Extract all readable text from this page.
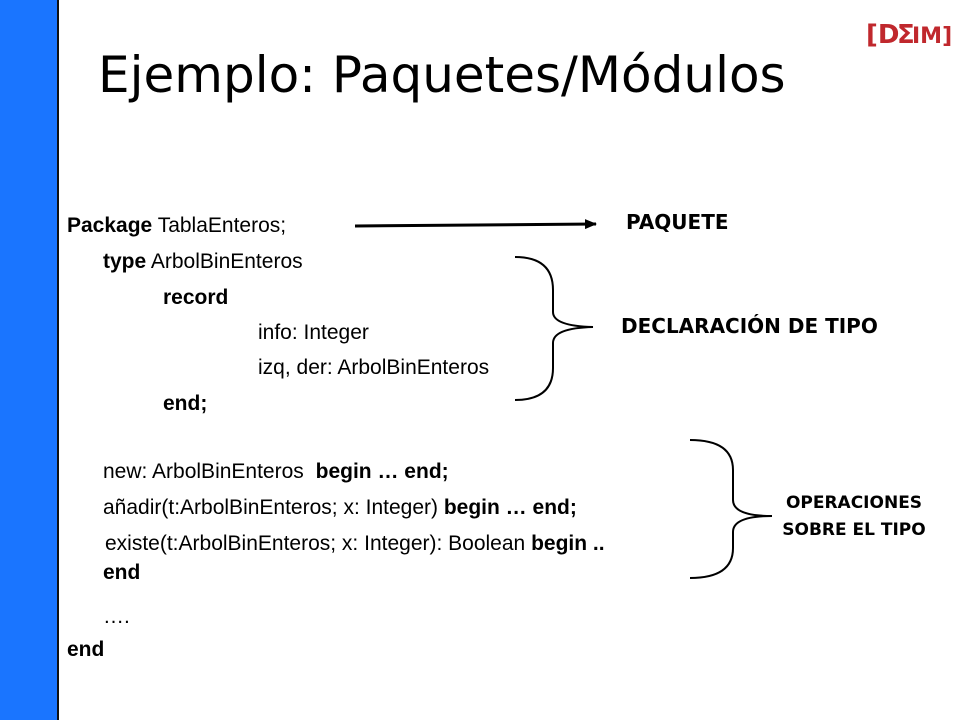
[D
Σ
IM]
Ejemplo: Paquetes/Módulos
Package TablaEnteros;
type ArbolBinEnteros
record
info: Integer
izq, der: ArbolBinEnteros
end;
new: ArbolBinEnteros begin … end;
añadir(t:ArbolBinEnteros; x: Integer) begin … end;
existe(t:ArbolBinEnteros; x: Integer): Boolean begin ..
end
….
end
PAQUETE
DECLARACIÓN DE TIPO
OPERACIONES
SOBRE EL TIPO
